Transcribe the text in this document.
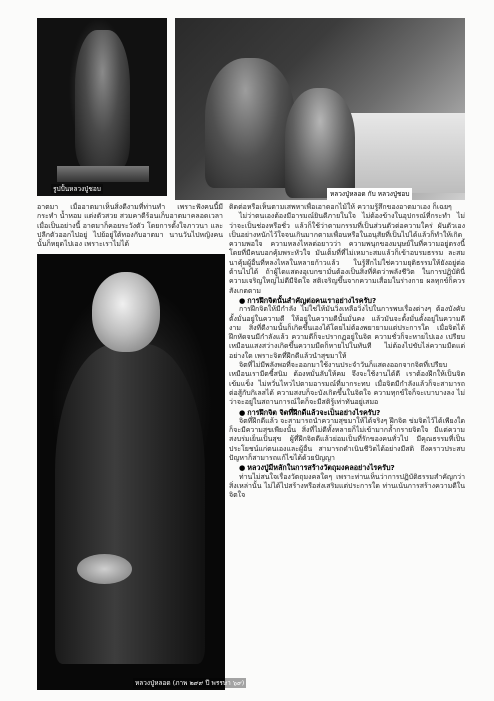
รูปปั้นหลวงปู่ชอบ
หลวงปู่หลอด กับ หลวงปู่ชอบ
หลวงปู่หลอด (ภาพ ๒๙๙ ปี พรรษา ๖๙)

อาตมา เมื่ออาตมาเห็นสิ่งดีงามที่ท่านทำ เพราะฟังคนนี้มีกระทำ น้ำหอม แต่งตัวสวย สวมคาดีร้อนเก็บอาตมาคลอดเวลา เมื่อเป็นอย่างนี้ อาตมาก็คอยระวังตัว โดยการตั้งใจภาวนา และปลีกตัวออกไปอยู่ ไปย้อยู่ใต้ทองกับอาตมา นานวันไปหญิงคนนั้นก็หยุดไปเอง เพราะเราไม่ได้

ติดต่อหรือเห็นตามเสพหาเพื่อเอาดอกไม้ให้ ความรู้สึกของอาตมาเอง ก็เฉยๆ

ไม่ว่าตนเองต้องมีอารมณ์ยินดีภายในใจ ไม่ต้องข้างในอุปกรณ์ที่กระทำ ไม่ว่าจะเป็นช่องหรือชั่ว แล้วก็ใช้ว่าตามกรรมที่เป็นส่วนตัวต่อความใคร่ ผันตัวเองเป็นอย่างหนักไว้ใจจนเกินมากตามเพื่อนหรือในอนุสัยที่เป็นไปได้แล้วก็ทำให้เกิดความพอใจ ความหลงไหลต่อยาวว่า ความพนุกของมนุษย์ในที่ความอยู่ตรงนี้ โดยที่มีคนบอกคุ้มพระหัวใจ มันเต็มที่ที่ไม่เหมาะสมแล้วก็เข้าอบรมธรรม ละสมนาคุ้มผู้อื่นที่หลงไหลในหลายก้าวแล้ว ในรู้สึกไม่ใช่ความยุติธรรมให้ยังอยู่ต่อต้านไปได้ ถ้าผู้ไดแสดงอุเบกขามั่นต้องเป็นสิ่งที่คิดว่าพลังชีวิต ในการปฏิบัตินี่ ความเจริญใหญ่ไม่ดีมีจิตใจ สติเจริญขึ้นจากความเสื่อมในร่างกาย ผลทุกข์ก็ควรสังเกตตาม

● การฝึกจิตนั้นสำคัญต่อคนเราอย่างไรครับ?

การฝึกจิตให้มีกำลัง ไม่ใช่ให้มันวิ่งเหลือวิ่งไปในการพบเรื่องต่างๆ ต้องบังคับตั้งมั่นอยู่ในความดี ให้อยู่ในความดีนั้นมั่นคง แล้วมันจะตั้งมั่นตั้งอยู่ในความดีงาม สิ่งที่ดีงามนั้นก็เกิดขึ้นเองได้โดยไม่ต้องพยายามแต่ประการใด เมื่อจิตได้ฝึกหัดจนมีกำลังแล้ว ความดีก็จะปรากฏอยู่ในจิต ความชั่วก็จะหายไปเอง เปรียบเหมือนแสงสว่างเกิดขึ้นความมืดก็หายไปในทันที ไม่ต้องไปขับไล่ความมืดแต่อย่างใด เพราะจิตที่ฝึกดีแล้วนำสุขมาให้

จิตที่ไม่มีพลังพอที่จะออกมาใช้งานประจำวันก็แสดงออกจากจิตที่เปรียบเหมือนเรามีดขี้สนิม ต้องหมั่นลับให้คม จึงจะใช้งานได้ดี เราต้องฝึกให้เป็นจิตเข้มแข็ง ไม่หวั่นไหวไปตามอารมณ์ที่มากระทบ เมื่อจิตมีกำลังแล้วก็จะสามารถต่อสู้กับกิเลสได้ ความสงบก็จะบังเกิดขึ้นในจิตใจ ความทุกข์ใจก็จะเบาบางลง ไม่ว่าจะอยู่ในสถานการณ์ใดก็จะมีสติรู้เท่าทันอยู่เสมอ

● การฝึกจิต จิตที่ฝึกดีแล้วจะเป็นอย่างไรครับ?

จิตที่ฝึกดีแล้ว จะสามารถนำความสุขมาให้ได้จริงๆ ฝึกจิต ข่มจิตไว้ได้เพียงใด ก็จะมีความสุขเพียงนั้น สิ่งที่ไม่ดีทั้งหลายก็ไม่เข้ามากล้ำกรายจิตใจ มีแต่ความสงบร่มเย็นเป็นสุข ผู้ที่ฝึกจิตดีแล้วย่อมเป็นที่รักของคนทั่วไป มีคุณธรรมที่เป็นประโยชน์แก่ตนเองและผู้อื่น สามารถดำเนินชีวิตได้อย่างมีสติ ถึงคราวประสบปัญหาก็สามารถแก้ไขได้ด้วยปัญญา

● หลวงปู่มีหลักในการสร้างวัตถุมงคลอย่างไรครับ?

ท่านไม่สนใจเรื่องวัตถุมงคลใดๆ เพราะท่านเห็นว่าการปฏิบัติธรรมสำคัญกว่าสิ่งเหล่านั้น ไม่ได้ไปสร้างหรือส่งเสริมแต่ประการใด ท่านเน้นการสร้างความดีในจิตใจ
